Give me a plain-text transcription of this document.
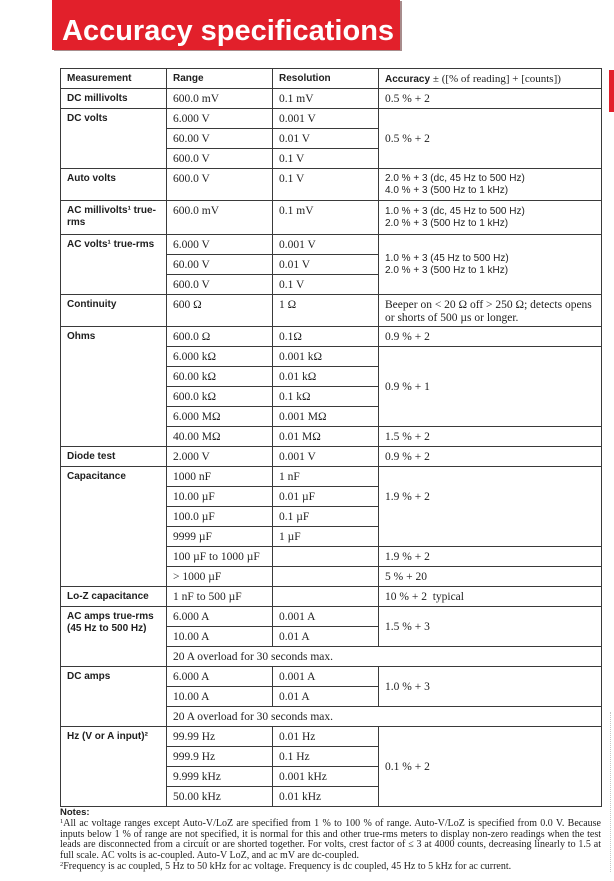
Accuracy specifications
Measurement	Range	Resolution	Accuracy ± ([% of reading] + [counts])
DC millivolts	600.0 mV	0.1 mV	0.5 % + 2
DC volts	6.000 V	0.001 V	0.5 % + 2
	60.00 V	0.01 V	
	600.0 V	0.1 V	
Auto volts	600.0 V	0.1 V	2.0 % + 3 (dc, 45 Hz to 500 Hz)
4.0 % + 3 (500 Hz to 1 kHz)

AC millivolts¹ true-rms	600.0 mV	0.1 mV	1.0 % + 3 (dc, 45 Hz to 500 Hz)
2.0 % + 3 (500 Hz to 1 kHz)

AC volts¹ true-rms	6.000 V	0.001 V	1.0 % + 3 (45 Hz to 500 Hz)
2.0 % + 3 (500 Hz to 1 kHz)

	60.00 V	0.01 V	
	600.0 V	0.1 V	
Continuity	600 Ω	1 Ω	Beeper on < 20 Ω off > 250 Ω; detects opens or shorts of 500 µs or longer.
Ohms	600.0 Ω	0.1Ω	0.9 % + 2
	6.000 kΩ	0.001 kΩ	0.9 % + 1
	60.00 kΩ	0.01 kΩ	
	600.0 kΩ	0.1 kΩ	
	6.000 MΩ	0.001 MΩ	
	40.00 MΩ	0.01 MΩ	1.5 % + 2
Diode test	2.000 V	0.001 V	0.9 % + 2
Capacitance	1000 nF	1 nF	1.9 % + 2
	10.00 µF	0.01 µF	
	100.0 µF	0.1 µF	
	9999 µF	1 µF	
	100 µF to 1000 µF		1.9 % + 2
	> 1000 µF		5 % + 20
Lo-Z capacitance	1 nF to 500 µF		10 % + 2  typical
AC amps true-rms (45 Hz to 500 Hz)	6.000 A	0.001 A	1.5 % + 3
	10.00 A	0.01 A	
	20 A overload for 30 seconds max.		
DC amps	6.000 A	0.001 A	1.0 % + 3
	10.00 A	0.01 A	
	20 A overload for 30 seconds max.		
Hz (V or A input)²	99.99 Hz	0.01 Hz	0.1 % + 2
	999.9 Hz	0.1 Hz	
	9.999 kHz	0.001 kHz	
	50.00 kHz	0.01 kHz	
Notes:

$^1$All ac voltage ranges except Auto-V/LoZ are specified from 1 % to 100 % of range. Auto-V/LoZ is specified from 0.0 V. Because inputs below 1 % of range are not specified, it is normal for this and other true-rms meters to display non-zero readings when the test leads are disconnected from a circuit or are shorted together. For volts, crest factor of ≤ 3 at 4000 counts, decreasing linearly to 1.5 at full scale. AC volts is ac-coupled. Auto-V LoZ, and ac mV are dc-coupled.

$^2$Frequency is ac coupled, 5 Hz to 50 kHz for ac voltage. Frequency is dc coupled, 45 Hz to 5 kHz for ac current.
